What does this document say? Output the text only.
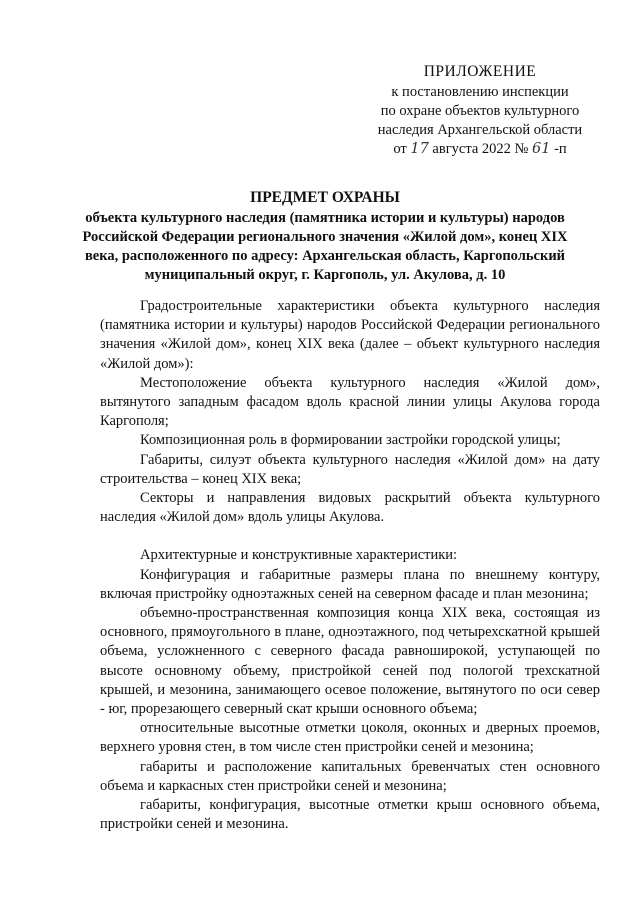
ПРИЛОЖЕНИЕ
к постановлению инспекции
по охране объектов культурного
наследия Архангельской области
от 17 августа 2022 № 61 -п
ПРЕДМЕТ ОХРАНЫ
объекта культурного наследия (памятника истории и культуры) народов Российской Федерации регионального значения «Жилой дом», конец XIX века, расположенного по адресу: Архангельская область, Каргопольский муниципальный округ, г. Каргополь, ул. Акулова, д. 10

Градостроительные характеристики объекта культурного наследия (памятника истории и культуры) народов Российской Федерации регионального значения «Жилой дом», конец XIX века (далее – объект культурного наследия «Жилой дом»):

Местоположение объекта культурного наследия «Жилой дом», вытянутого западным фасадом вдоль красной линии улицы Акулова города Каргополя;

Композиционная роль в формировании застройки городской улицы;

Габариты, силуэт объекта культурного наследия «Жилой дом» на дату строительства – конец XIX века;

Секторы и направления видовых раскрытий объекта культурного наследия «Жилой дом» вдоль улицы Акулова.

Архитектурные и конструктивные характеристики:

Конфигурация и габаритные размеры плана по внешнему контуру, включая пристройку одноэтажных сеней на северном фасаде и план мезонина;

объемно-пространственная композиция конца XIX века, состоящая из основного, прямоугольного в плане, одноэтажного, под четырехскатной крышей объема, усложненного с северного фасада равноширокой, уступающей по высоте основному объему, пристройкой сеней под пологой трехскатной крышей, и мезонина, занимающего осевое положение, вытянутого по оси север - юг, прорезающего северный скат крыши основного объема;

относительные высотные отметки цоколя, оконных и дверных проемов, верхнего уровня стен, в том числе стен пристройки сеней и мезонина;

габариты и расположение капитальных бревенчатых стен основного объема и каркасных стен пристройки сеней и мезонина;

габариты, конфигурация, высотные отметки крыш основного объема, пристройки сеней и мезонина.
